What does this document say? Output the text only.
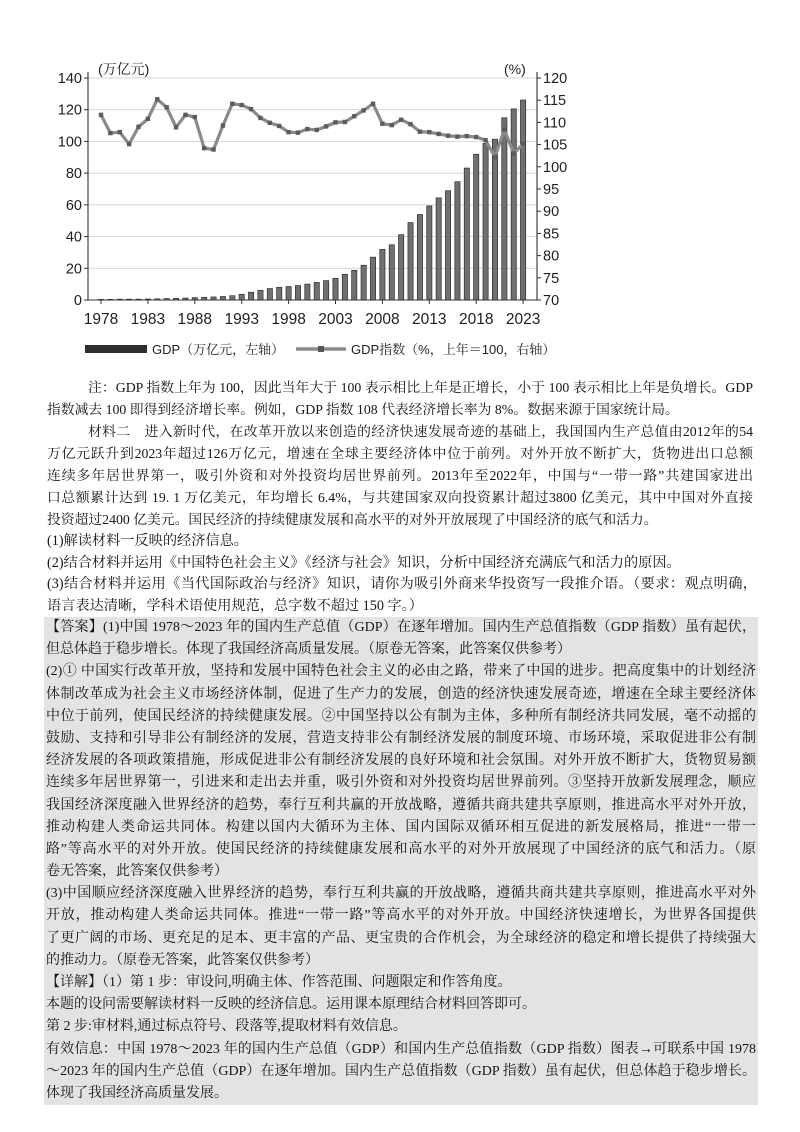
0
20
40
60
80
100
120
140
70
75
80
85
90
95
100
105
110
115
120
1978 1983 1988 1993 1998 2003 2008 2013 2018 2023
(万亿元)	(%)
GDP（万亿元，左轴）	GDP指数（%，上年＝100，右轴）
注：GDP 指数上年为 100，因此当年大于 100 表示相比上年是正增长，小于 100 表示相比上年是负增长。GDP
指数减去 100 即得到经济增长率。例如，GDP 指数 108 代表经济增长率为 8%。数据来源于国家统计局。
材料二　进入新时代，在改革开放以来创造的经济快速发展奇迹的基础上，我国国内生产总值由2012年的54
万亿元跃升到2023年超过126万亿元，增速在全球主要经济体中位于前列。对外开放不断扩大，货物进出口总额
连续多年居世界第一，吸引外资和对外投资均居世界前列。2013年至2022年，中国与“一带一路”共建国家进出
口总额累计达到 19. 1 万亿美元，年均增长 6.4%，与共建国家双向投资累计超过3800 亿美元，其中中国对外直接
投资超过2400 亿美元。国民经济的持续健康发展和高水平的对外开放展现了中国经济的底气和活力。
(1)解读材料一反映的经济信息。
(2)结合材料并运用《中国特色社会主义》《经济与社会》知识，分析中国经济充满底气和活力的原因。
(3)结合材料并运用《当代国际政治与经济》知识，请你为吸引外商来华投资写一段推介语。（要求：观点明确，
语言表达清晰，学科术语使用规范，总字数不超过 150 字。）
【答案】(1)中国 1978～2023 年的国内生产总值（GDP）在逐年增加。国内生产总值指数（GDP 指数）虽有起伏，
但总体趋于稳步增长。体现了我国经济高质量发展。（原卷无答案，此答案仅供参考）
(2)① 中国实行改革开放，坚持和发展中国特色社会主义的必由之路，带来了中国的进步。把高度集中的计划经济
体制改革成为社会主义市场经济体制，促进了生产力的发展，创造的经济快速发展奇迹，增速在全球主要经济体
中位于前列，使国民经济的持续健康发展。②中国坚持以公有制为主体，多种所有制经济共同发展，毫不动摇的
鼓励、支持和引导非公有制经济的发展，营造支持非公有制经济发展的制度环境、市场环境，采取促进非公有制
经济发展的各项政策措施，形成促进非公有制经济发展的良好环境和社会氛围。对外开放不断扩大，货物贸易额
连续多年居世界第一，引进来和走出去并重，吸引外资和对外投资均居世界前列。③坚持开放新发展理念，顺应
我国经济深度融入世界经济的趋势，奉行互利共赢的开放战略，遵循共商共建共享原则，推进高水平对外开放，
推动构建人类命运共同体。构建以国内大循环为主体、国内国际双循环相互促进的新发展格局，推进“一带一
路”等高水平的对外开放。使国民经济的持续健康发展和高水平的对外开放展现了中国经济的底气和活力。（原
卷无答案，此答案仅供参考）
(3)中国顺应经济深度融入世界经济的趋势，奉行互利共赢的开放战略，遵循共商共建共享原则，推进高水平对外
开放，推动构建人类命运共同体。推进“一带一路”等高水平的对外开放。中国经济快速增长，为世界各国提供
了更广阔的市场、更充足的足本、更丰富的产品、更宝贵的合作机会，为全球经济的稳定和增长提供了持续强大
的推动力。（原卷无答案，此答案仅供参考）
【详解】（1）第 1 步：审设问,明确主体、作答范围、问题限定和作答角度。
本题的设问需要解读材料一反映的经济信息。运用课本原理结合材料回答即可。
第 2 步:审材料,通过标点符号、段落等,提取材料有效信息。
有效信息：中国 1978～2023 年的国内生产总值（GDP）和国内生产总值指数（GDP 指数）图表→可联系中国 1978
～2023 年的国内生产总值（GDP）在逐年增加。国内生产总值指数（GDP 指数）虽有起伏，但总体趋于稳步增长。
体现了我国经济高质量发展。
